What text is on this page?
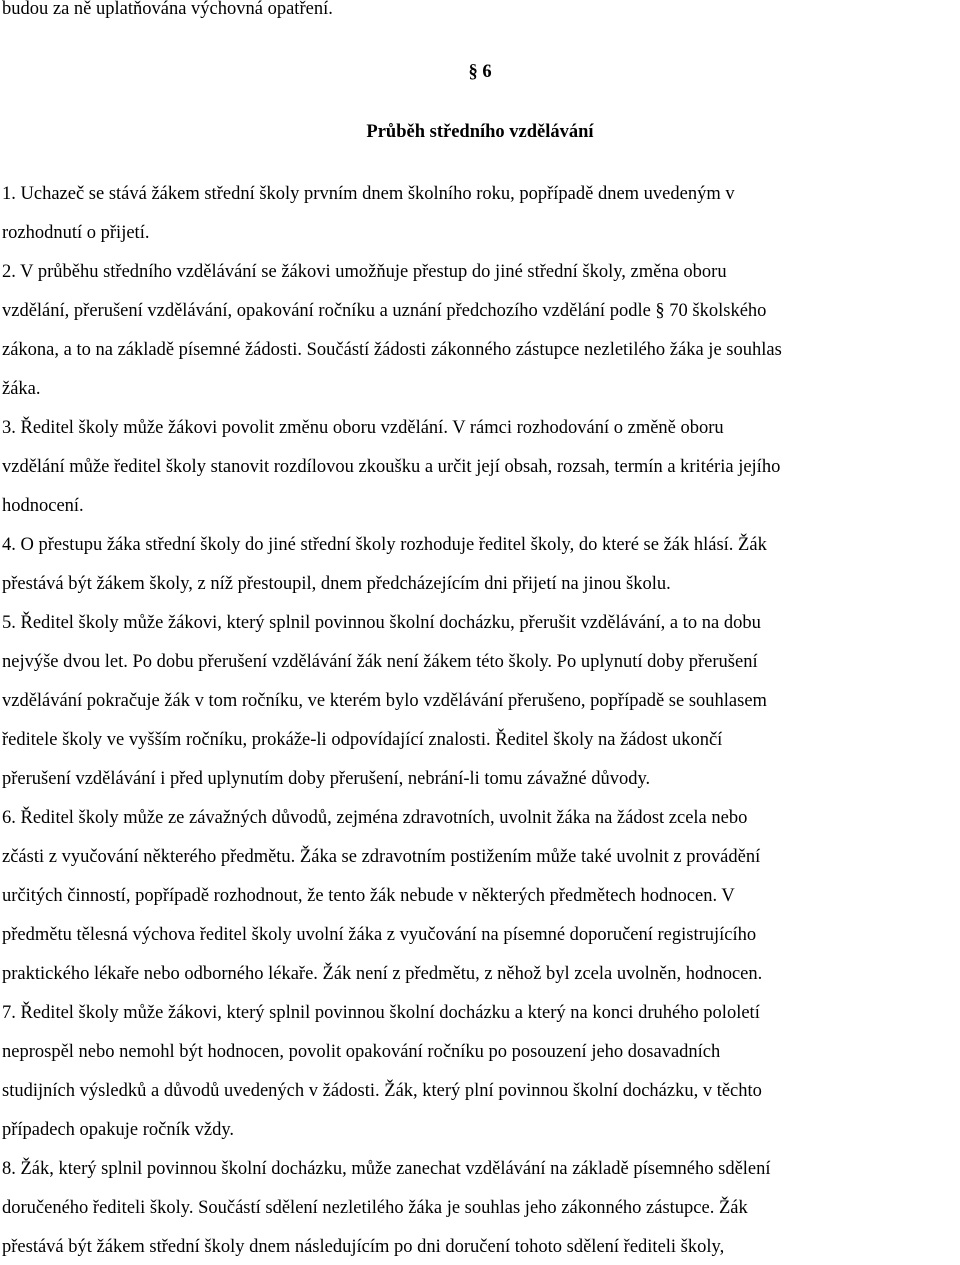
budou za ně uplatňována výchovná opatření.

§ 6

Průběh středního vzdělávání

1. Uchazeč se stává žákem střední školy prvním dnem školního roku, popřípadě dnem uvedeným v

rozhodnutí o přijetí.

2. V průběhu středního vzdělávání se žákovi umožňuje přestup do jiné střední školy, změna oboru

vzdělání, přerušení vzdělávání, opakování ročníku a uznání předchozího vzdělání podle § 70 školského

zákona, a to na základě písemné žádosti. Součástí žádosti zákonného zástupce nezletilého žáka je souhlas

žáka.

3. Ředitel školy může žákovi povolit změnu oboru vzdělání. V rámci rozhodování o změně oboru

vzdělání může ředitel školy stanovit rozdílovou zkoušku a určit její obsah, rozsah, termín a kritéria jejího

hodnocení.

4. O přestupu žáka střední školy do jiné střední školy rozhoduje ředitel školy, do které se žák hlásí. Žák

přestává být žákem školy, z níž přestoupil, dnem předcházejícím dni přijetí na jinou školu.

5. Ředitel školy může žákovi, který splnil povinnou školní docházku, přerušit vzdělávání, a to na dobu

nejvýše dvou let. Po dobu přerušení vzdělávání žák není žákem této školy. Po uplynutí doby přerušení

vzdělávání pokračuje žák v tom ročníku, ve kterém bylo vzdělávání přerušeno, popřípadě se souhlasem

ředitele školy ve vyšším ročníku, prokáže-li odpovídající znalosti. Ředitel školy na žádost ukončí

přerušení vzdělávání i před uplynutím doby přerušení, nebrání-li tomu závažné důvody.

6. Ředitel školy může ze závažných důvodů, zejména zdravotních, uvolnit žáka na žádost zcela nebo

zčásti z vyučování některého předmětu. Žáka se zdravotním postižením může také uvolnit z provádění

určitých činností, popřípadě rozhodnout, že tento žák nebude v některých předmětech hodnocen. V

předmětu tělesná výchova ředitel školy uvolní žáka z vyučování na písemné doporučení registrujícího

praktického lékaře nebo odborného lékaře. Žák není z předmětu, z něhož byl zcela uvolněn, hodnocen.

7. Ředitel školy může žákovi, který splnil povinnou školní docházku a který na konci druhého pololetí

neprospěl nebo nemohl být hodnocen, povolit opakování ročníku po posouzení jeho dosavadních

studijních výsledků a důvodů uvedených v žádosti. Žák, který plní povinnou školní docházku, v těchto

případech opakuje ročník vždy.

8. Žák, který splnil povinnou školní docházku, může zanechat vzdělávání na základě písemného sdělení

doručeného řediteli školy. Součástí sdělení nezletilého žáka je souhlas jeho zákonného zástupce. Žák

přestává být žákem střední školy dnem následujícím po dni doručení tohoto sdělení řediteli školy,
